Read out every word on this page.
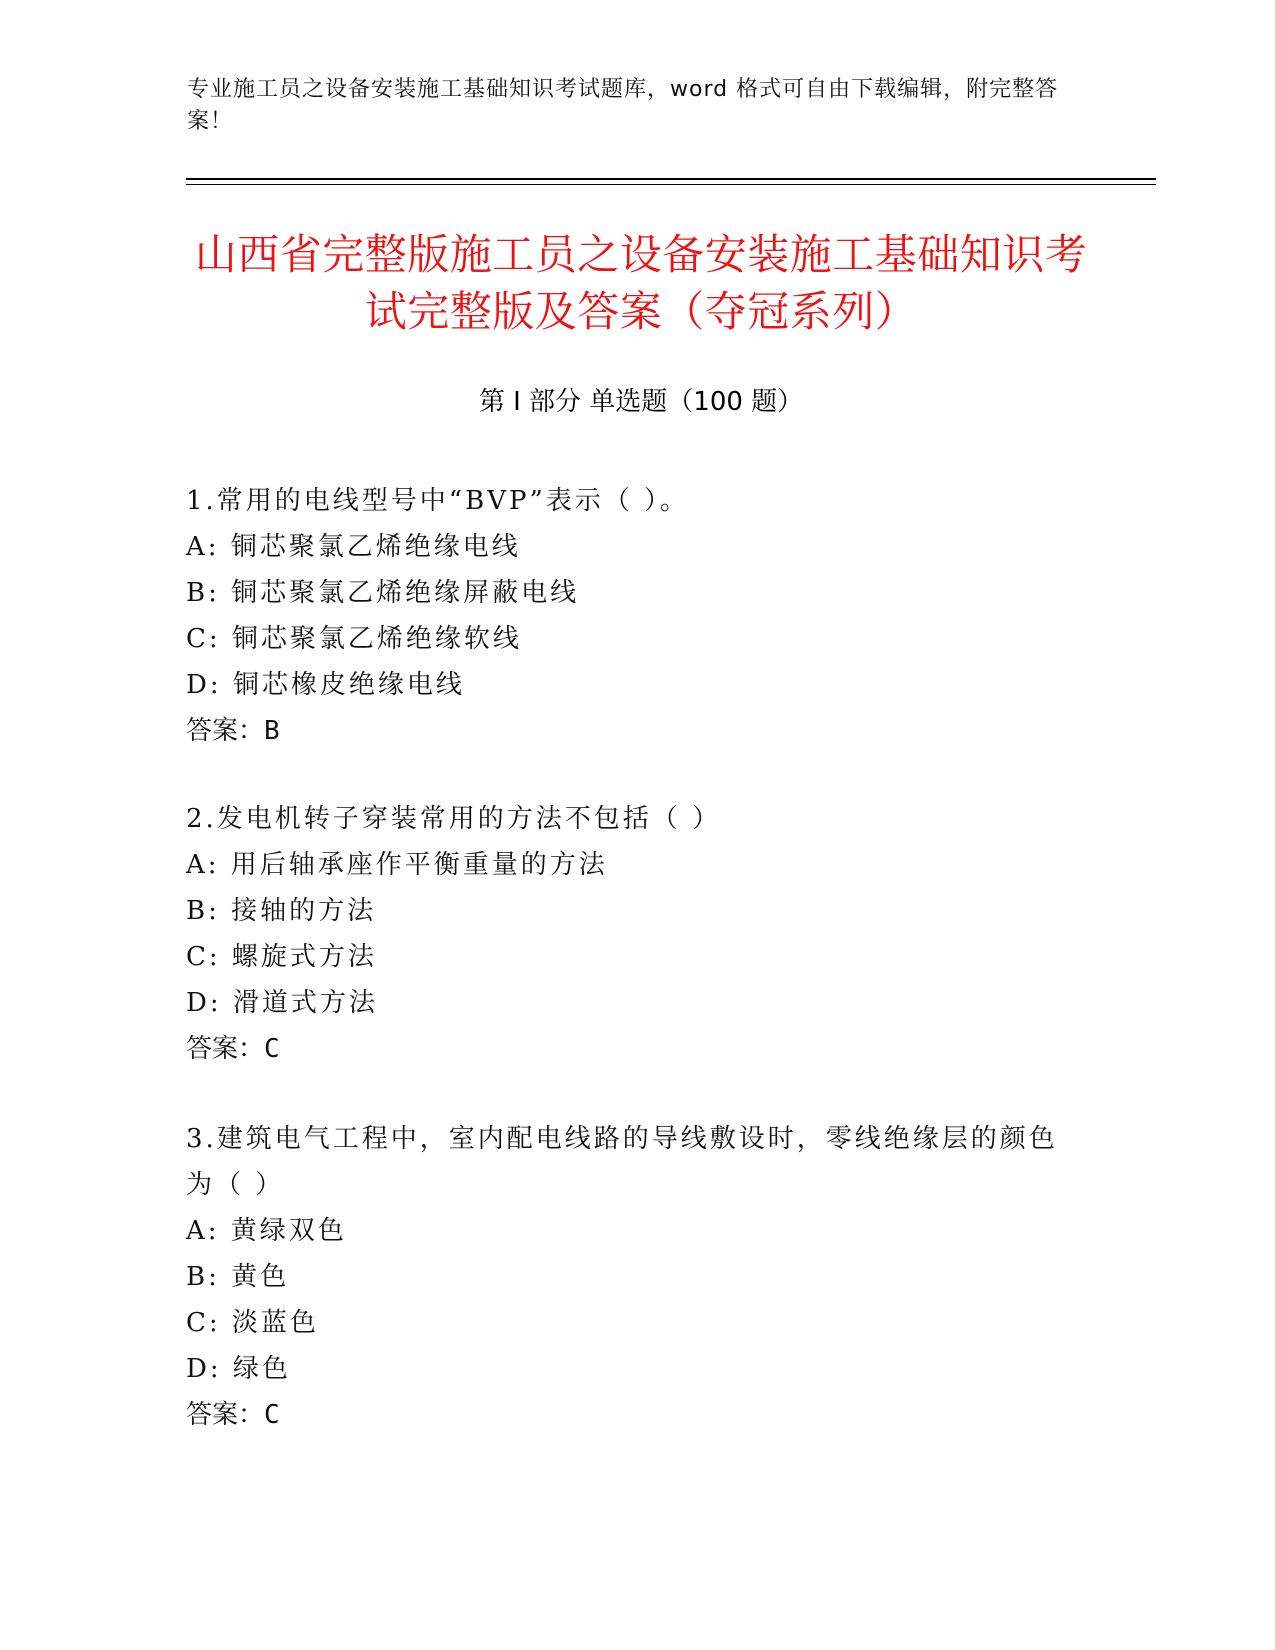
专业施工员之设备安装施工基础知识考试题库，word 格式可自由下载编辑，附完整答案！
山西省完整版施工员之设备安装施工基础知识考试完整版及答案（夺冠系列）
第 I 部分 单选题（100 题）
1.常用的电线型号中“BVP”表示（ ）。
A: 铜芯聚氯乙烯绝缘电线
B: 铜芯聚氯乙烯绝缘屏蔽电线
C: 铜芯聚氯乙烯绝缘软线
D: 铜芯橡皮绝缘电线
答案：B
2.发电机转子穿装常用的方法不包括（ ）
A: 用后轴承座作平衡重量的方法
B: 接轴的方法
C: 螺旋式方法
D: 滑道式方法
答案：C
3.建筑电气工程中，室内配电线路的导线敷设时，零线绝缘层的颜色为（ ）
A: 黄绿双色
B: 黄色
C: 淡蓝色
D: 绿色
答案：C
